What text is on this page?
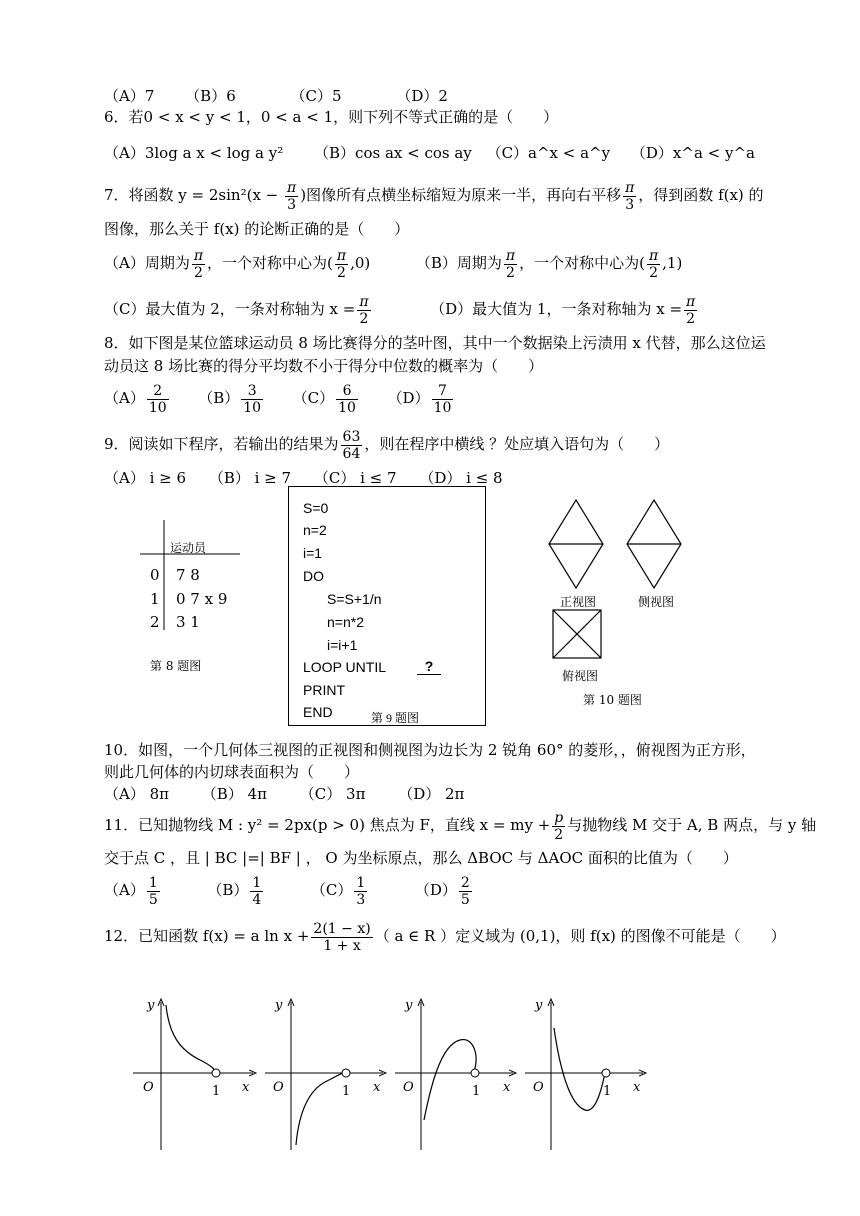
（A）7 （B）6	（C）5	（D）2
6．若0 < x < y < 1，0 < a < 1，则下列不等式正确的是（　　）
（A）3log a x < log a y² （B）cos ax < cos ay （C）a^x < a^y （D）x^a < y^a
7．将函数 $y = 2\sin^2(x - \frac{\pi}{3}$ )图像所有点横坐标缩短为原来一半，再向右平移 $\frac{\pi}{3}$ ，得到函数 f(x) 的
图像，那么关于 f(x) 的论断正确的是（　　）
（A）周期为 $\frac{\pi}{2}$ ，一个对称中心为( $\frac{\pi}{2} ,0$)	（B）周期为 $\frac{\pi}{2}$ ，一个对称中心为( $\frac{\pi}{2} ,1$)
（C）最大值为 2，一条对称轴为 $x = \frac{\pi}{2}$	（D）最大值为 1，一条对称轴为 $x = \frac{\pi}{2}$
8．如下图是某位篮球运动员 8 场比赛得分的茎叶图，其中一个数据染上污渍用 x 代替，那么这位运
动员这 8 场比赛的得分平均数不小于得分中位数的概率为（　　）
$(A) \frac{2}{10} (B) \frac{3}{10} (C) \frac{6}{10} (D) \frac{7}{10}$
9．阅读如下程序，若输出的结果为 $\frac{63}{64}$ ，则在程序中横线 ？处应填入语句为（　　）
（A） i ≥ 6 （B） i ≥ 7 （C） i ≤ 7 （D） i ≤ 8
运动员
0 7 8
1 0 7 x 9
2 3 1
第 8 题图
S=0
n=2
i=1
DO
S=S+1/n
n=n*2
i=i+1
LOOP UNTIL	?
PRINT
END	第 9 题图
正视图	侧视图
俯视图
第 10 题图
10．如图，一个几何体三视图的正视图和侧视图为边长为 2 锐角 60° 的菱形，，俯视图为正方形，
则此几何体的内切球表面积为（　　）
（A） 8π （B） 4π （C） 3π （D） 2π
11．已知抛物线 M : y² = 2px(p > 0) 焦点为 F，直线 x = my + $\frac{p}{2}$ 与抛物线 M 交于 A, B 两点，与 y 轴
交于点 C ，且 | BC |=| BF | ， O 为坐标原点，那么 ΔBOC 与 ΔAOC 面积的比值为（　　）
$(A) \frac{1}{5}$	$(B) \frac{1}{4}$	$(C) \frac{1}{3}$	$(D) \frac{2}{5}$
12．已知函数 f(x) = a $\ln x + \frac{2(1 - x)}{1 + x}$ （ a ∈ R ）定义域为 (0,1)，则 f(x) 的图像不可能是（　　）
y
O	1 x
y
O	1 x
y
O	1 x
y
O	1 x
